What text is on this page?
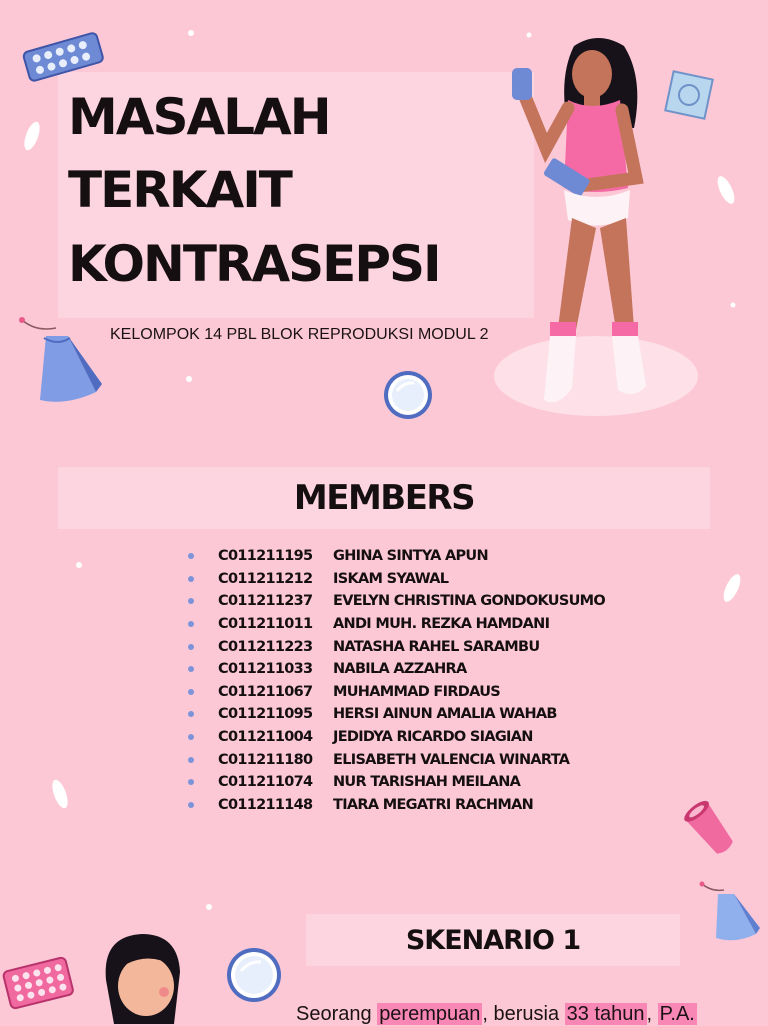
MASALAH
TERKAIT
KONTRASEPSI
KELOMPOK 14 PBL BLOK REPRODUKSI MODUL 2
MEMBERS
C011211195	GHINA SINTYA APUN
C011211212	ISKAM SYAWAL
C011211237	EVELYN CHRISTINA GONDOKUSUMO
C011211011	ANDI MUH. REZKA HAMDANI
C011211223	NATASHA RAHEL SARAMBU
C011211033	NABILA AZZAHRA
C011211067	MUHAMMAD FIRDAUS
C011211095	HERSI AINUN AMALIA WAHAB
C011211004	JEDIDYA RICARDO SIAGIAN
C011211180	ELISABETH VALENCIA WINARTA
C011211074	NUR TARISHAH MEILANA
C011211148	TIARA MEGATRI RACHMAN
SKENARIO 1
Seorang perempuan , berusia 33 tahun , P.A.
